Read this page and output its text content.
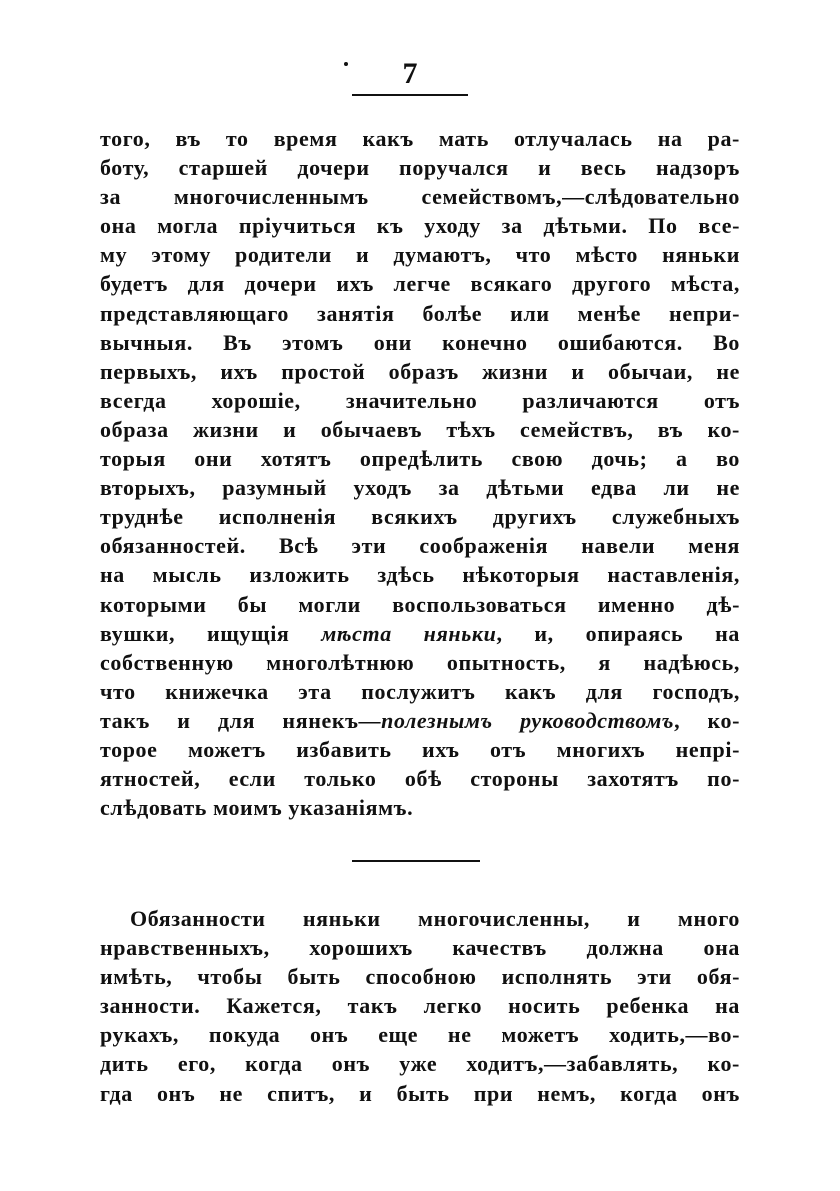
7
того, въ то время какъ мать отлучалась на ра-
боту, старшей дочери поручался и весь надзоръ
за многочисленнымъ семействомъ,—слѣдовательно
она могла пріучиться къ уходу за дѣтьми. По все-
му этому родители и думаютъ, что мѣсто няньки
будетъ для дочери ихъ легче всякаго другого мѣста,
представляющаго занятія болѣе или менѣе непри-
вычныя. Въ этомъ они конечно ошибаются. Во
первыхъ, ихъ простой образъ жизни и обычаи, не
всегда хорошіе, значительно различаются отъ
образа жизни и обычаевъ тѣхъ семействъ, въ ко-
торыя они хотятъ опредѣлить свою дочь; а во
вторыхъ, разумный уходъ за дѣтьми едва ли не
труднѣе исполненія всякихъ другихъ служебныхъ
обязанностей. Всѣ эти соображенія навели меня
на мысль изложить здѣсь нѣкоторыя наставленія,
которыми бы могли воспользоваться именно дѣ-
вушки, ищущія мѣста няньки, и, опираясь на
собственную многолѣтнюю опытность, я надѣюсь,
что книжечка эта послужитъ какъ для господъ,
такъ и для нянекъ—полезнымъ руководствомъ, ко-
торое можетъ избавить ихъ отъ многихъ непрі-
ятностей, если только обѣ стороны захотятъ по-
слѣдовать моимъ указаніямъ.
Обязанности няньки многочисленны, и много
нравственныхъ, хорошихъ качествъ должна она
имѣть, чтобы быть способною исполнять эти обя-
занности. Кажется, такъ легко носить ребенка на
рукахъ, покуда онъ еще не можетъ ходить,—во-
дить его, когда онъ уже ходитъ,—забавлять, ко-
гда онъ не спитъ, и быть при немъ, когда онъ
